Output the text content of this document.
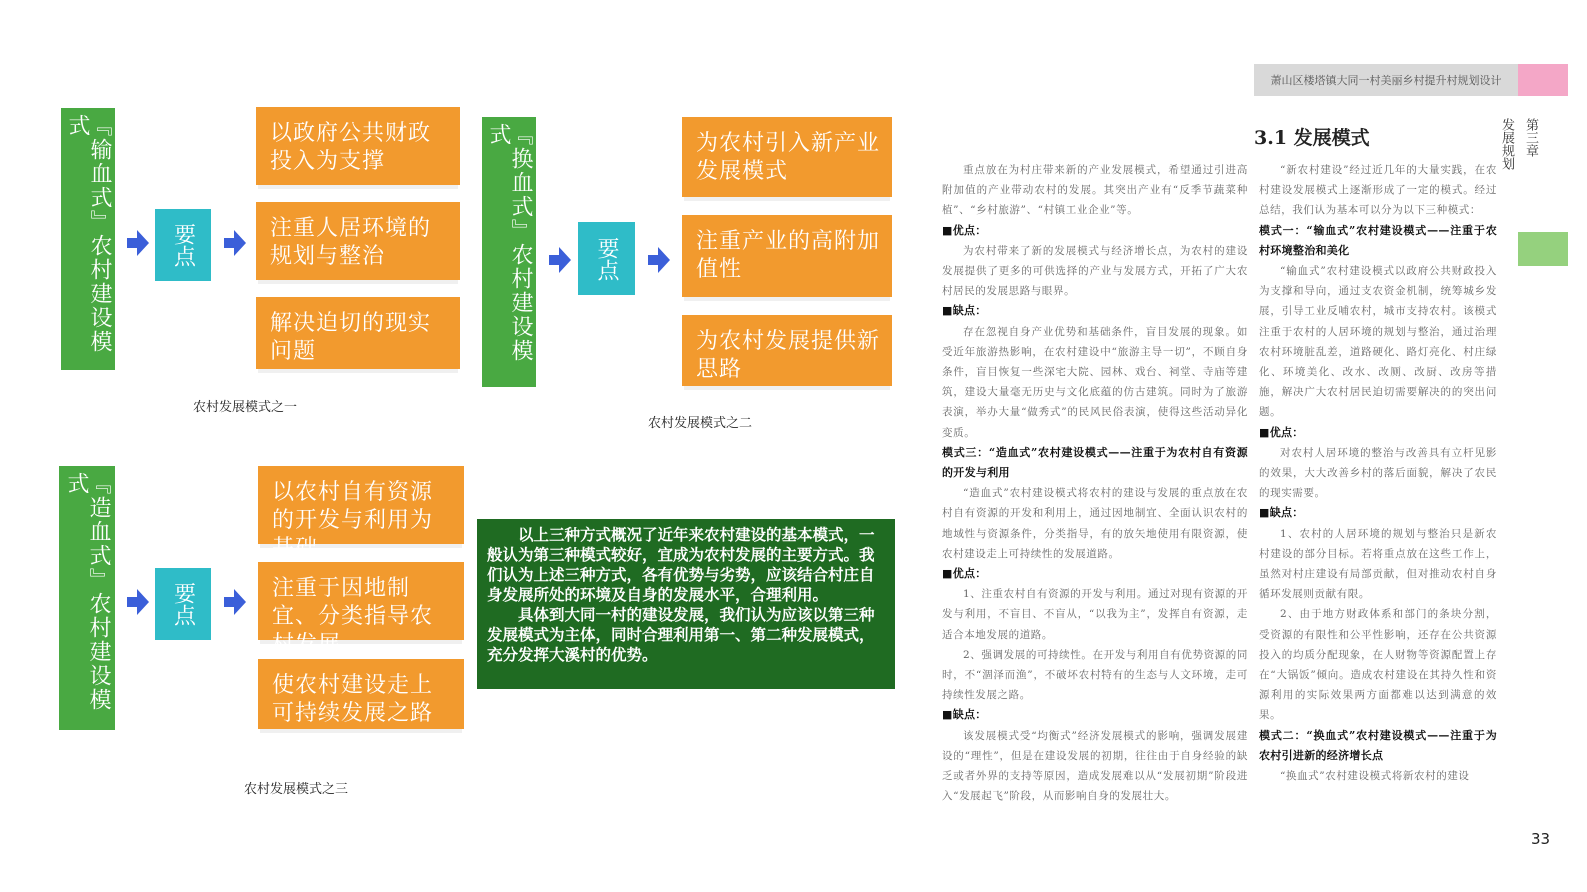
『输血式』农村建设模式
要点
以政府公共财政投入为支撑
注重人居环境的规划与整治
解决迫切的现实问题
农村发展模式之一
『换血式』农村建设模式
要点
为农村引入新产业发展模式
注重产业的高附加值性
为农村发展提供新思路
农村发展模式之二
『造血式』农村建设模式
要点
以农村自有资源的开发与利用为基础
注重于因地制宜、分类指导农村发展
使农村建设走上可持续发展之路
农村发展模式之三

以上三种方式概况了近年来农村建设的基本模式，一般认为第三种模式较好，宜成为农村发展的主要方式。我们认为上述三种方式，各有优势与劣势，应该结合村庄自身发展所处的环境及自身的发展水平，合理利用。

具体到大同一村的建设发展，我们认为应该以第三种发展模式为主体，同时合理利用第一、第二种发展模式，充分发挥大溪村的优势。

萧山区楼塔镇大同一村美丽乡村提升村规划设计
第三章
发展规划
3.1 发展模式

重点放在为村庄带来新的产业发展模式，希望通过引进高附加值的产业带动农村的发展。其突出产业有“反季节蔬菜种植”、“乡村旅游”、“村镇工业企业”等。

■优点：

为农村带来了新的发展模式与经济增长点，为农村的建设发展提供了更多的可供选择的产业与发展方式，开拓了广大农村居民的发展思路与眼界。

■缺点：

存在忽视自身产业优势和基础条件，盲目发展的现象。如受近年旅游热影响，在农村建设中“旅游主导一切”，不顾自身条件，盲目恢复一些深宅大院、园林、戏台、祠堂、寺庙等建筑，建设大量毫无历史与文化底蕴的仿古建筑。同时为了旅游表演，举办大量“做秀式”的民风民俗表演，使得这些活动异化变质。

模式三：“造血式”农村建设模式——注重于为农村自有资源的开发与利用

“造血式”农村建设模式将农村的建设与发展的重点放在农村自有资源的开发和利用上，通过因地制宜、全面认识农村的地域性与资源条件，分类指导，有的放矢地使用有限资源，使农村建设走上可持续性的发展道路。

■优点：

1、注重农村自有资源的开发与利用。通过对现有资源的开发与利用，不盲目、不盲从，“以我为主”，发挥自有资源，走适合本地发展的道路。

2、强调发展的可持续性。在开发与利用自有优势资源的同时，不“涸泽而渔”，不破坏农村特有的生态与人文环境，走可持续性发展之路。

■缺点：

该发展模式受“均衡式”经济发展模式的影响，强调发展建设的“理性”，但是在建设发展的初期，往往由于自身经验的缺乏或者外界的支持等原因，造成发展难以从“发展初期”阶段进入“发展起飞”阶段，从而影响自身的发展壮大。

“新农村建设”经过近几年的大量实践，在农村建设发展模式上逐渐形成了一定的模式。经过总结，我们认为基本可以分为以下三种模式：

模式一：“输血式”农村建设模式——注重于农村环境整治和美化

“输血式”农村建设模式以政府公共财政投入为支撑和导向，通过支农资金机制，统筹城乡发展，引导工业反哺农村，城市支持农村。该模式注重于农村的人居环境的规划与整治，通过治理农村环境脏乱差，道路硬化、路灯亮化、村庄绿化、环境美化、改水、改厕、改厨、改房等措施，解决广大农村居民迫切需要解决的的突出问题。

■优点：

对农村人居环境的整治与改善具有立杆见影的效果，大大改善乡村的落后面貌，解决了农民的现实需要。

■缺点：

1、农村的人居环境的规划与整治只是新农村建设的部分目标。若将重点放在这些工作上，虽然对村庄建设有局部贡献，但对推动农村自身循环发展则贡献有限。

2、由于地方财政体系和部门的条块分割，受资源的有限性和公平性影响，还存在公共资源投入的均质分配现象，在人财物等资源配置上存在“大锅饭”倾向。造成农村建设在其持久性和资源利用的实际效果两方面都难以达到满意的效果。

模式二：“换血式”农村建设模式——注重于为农村引进新的经济增长点

“换血式”农村建设模式将新农村的建设

33
